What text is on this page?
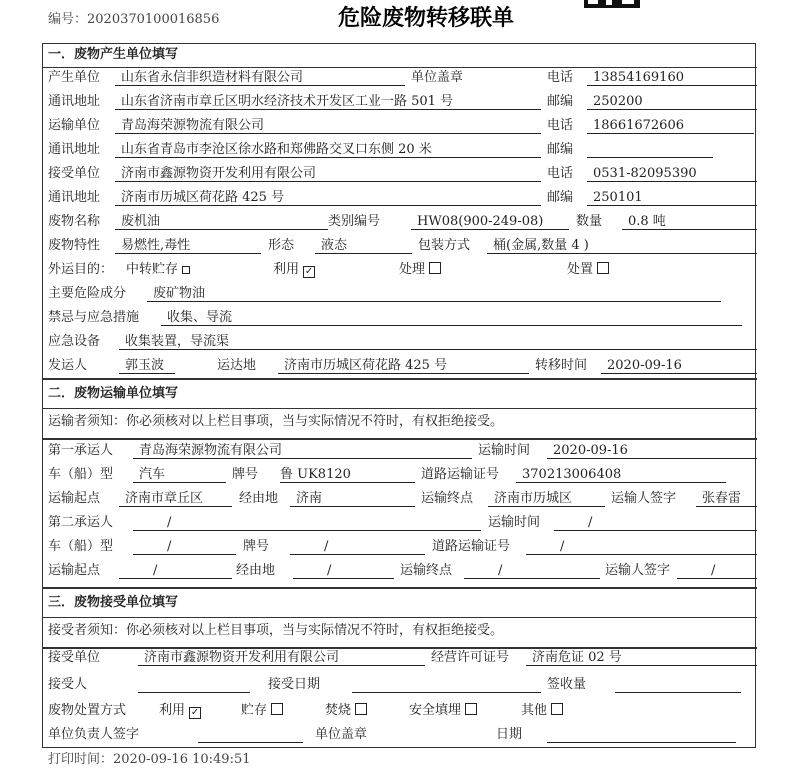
编号：2020370100016856	危险废物转移联单
一．废物产生单位填写
产生单位	山东省永信非织造材料有限公司	单位盖章	电话	13854169160
通讯地址	山东省济南市章丘区明水经济技术开发区工业一路 501 号	邮编	250200
运输单位	青岛海荣源物流有限公司	电话	18661672606
通讯地址	山东省青岛市李沧区徐水路和郑佛路交叉口东侧 20 米	邮编
接受单位	济南市鑫源物资开发利用有限公司	电话	0531-82095390
通讯地址	济南市历城区荷花路 425 号	邮编	250101
废物名称	废机油	类别编号	HW08(900-249-08)	数量	0.8 吨
废物特性	易燃性,毒性	形态	液态	包装方式	桶(金属,数量 4 )
外运目的： 中转贮存	利用 ✓	处理	处置
主要危险成分	废矿物油
禁忌与应急措施	收集、导流
应急设备	收集装置，导流渠
发运人	郭玉波	运达地	济南市历城区荷花路 425 号	转移时间	2020-09-16
二．废物运输单位填写
运输者须知：你必须核对以上栏目事项，当与实际情况不符时，有权拒绝接受。
第一承运人	青岛海荣源物流有限公司	运输时间	2020-09-16
车（船）型	汽车	牌号 鲁 UK8120	道路运输证号	370213006408
运输起点	济南市章丘区	经由地	济南	运输终点	济南市历城区	运输人签字	张春雷
第二承运人	/	运输时间	/
车（船）型	/	牌号	/	道路运输证号	/
运输起点	/	经由地	/	运输终点	/	运输人签字	/
三．废物接受单位填写
接受者须知：你必须核对以上栏目事项，当与实际情况不符时，有权拒绝接受。
接受单位	济南市鑫源物资开发利用有限公司	经营许可证号	济南危证 02 号
接受人	接受日期	签收量
废物处置方式	利用 ✓	贮存	焚烧	安全填埋	其他
单位负责人签字	单位盖章	日期
打印时间：2020-09-16 10:49:51
